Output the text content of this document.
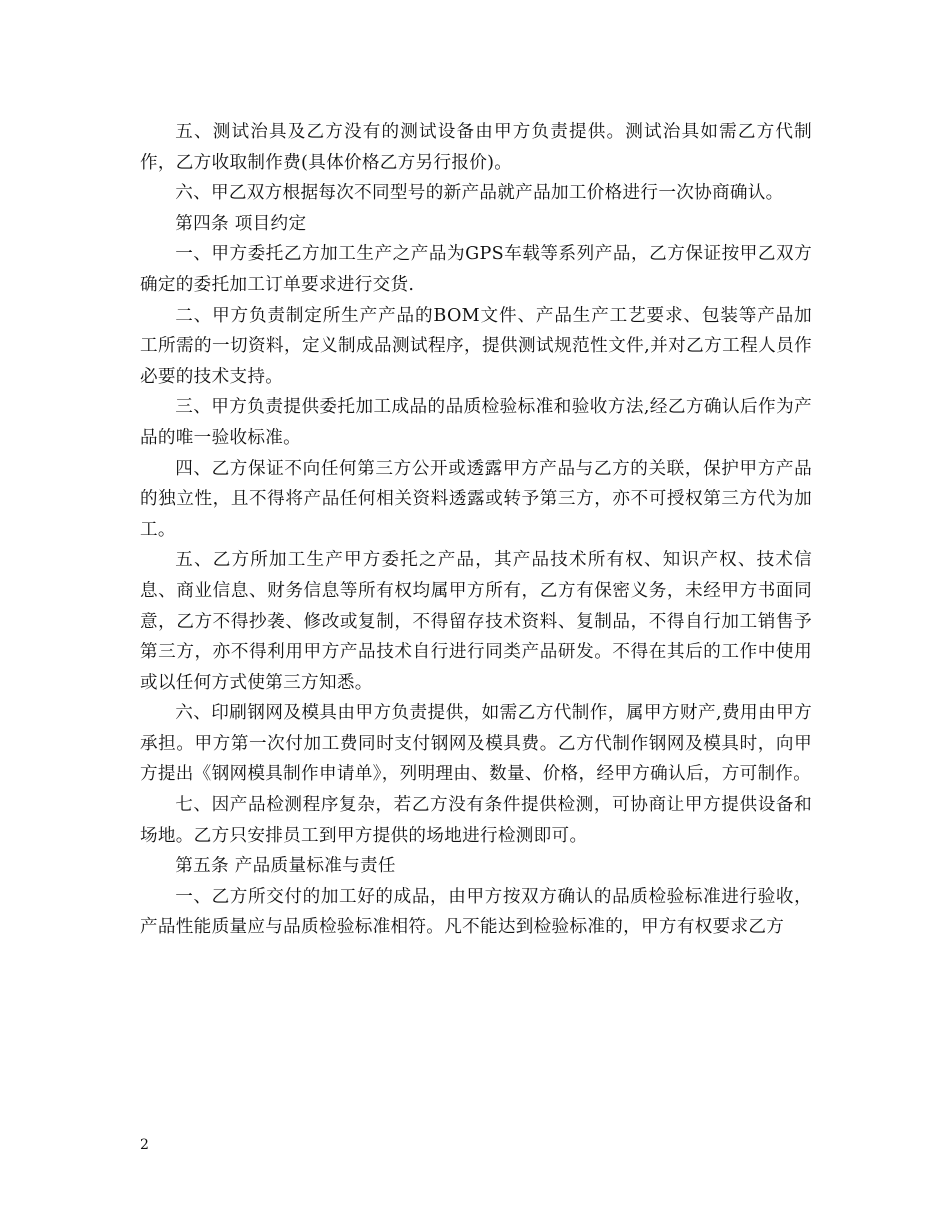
五、测试治具及乙方没有的测试设备由甲方负责提供。测试治具如需乙方代制作，乙方收取制作费(具体价格乙方另行报价)。

六、甲乙双方根据每次不同型号的新产品就产品加工价格进行一次协商确认。

第四条 项目约定

一、甲方委托乙方加工生产之产品为GPS车载等系列产品，乙方保证按甲乙双方确定的委托加工订单要求进行交货.

二、甲方负责制定所生产产品的BOM文件、产品生产工艺要求、包装等产品加工所需的一切资料，定义制成品测试程序，提供测试规范性文件,并对乙方工程人员作必要的技术支持。

三、甲方负责提供委托加工成品的品质检验标准和验收方法,经乙方确认后作为产品的唯一验收标准。

四、乙方保证不向任何第三方公开或透露甲方产品与乙方的关联，保护甲方产品的独立性，且不得将产品任何相关资料透露或转予第三方，亦不可授权第三方代为加工。

五、乙方所加工生产甲方委托之产品，其产品技术所有权、知识产权、技术信息、商业信息、财务信息等所有权均属甲方所有，乙方有保密义务，未经甲方书面同意，乙方不得抄袭、修改或复制，不得留存技术资料、复制品，不得自行加工销售予第三方，亦不得利用甲方产品技术自行进行同类产品研发。不得在其后的工作中使用或以任何方式使第三方知悉。

六、印刷钢网及模具由甲方负责提供，如需乙方代制作，属甲方财产,费用由甲方承担。甲方第一次付加工费同时支付钢网及模具费。乙方代制作钢网及模具时，向甲方提出《钢网模具制作申请单》，列明理由、数量、价格，经甲方确认后，方可制作。

七、因产品检测程序复杂，若乙方没有条件提供检测，可协商让甲方提供设备和场地。乙方只安排员工到甲方提供的场地进行检测即可。

第五条 产品质量标准与责任

一、乙方所交付的加工好的成品，由甲方按双方确认的品质检验标准进行验收，产品性能质量应与品质检验标准相符。凡不能达到检验标准的，甲方有权要求乙方

2
